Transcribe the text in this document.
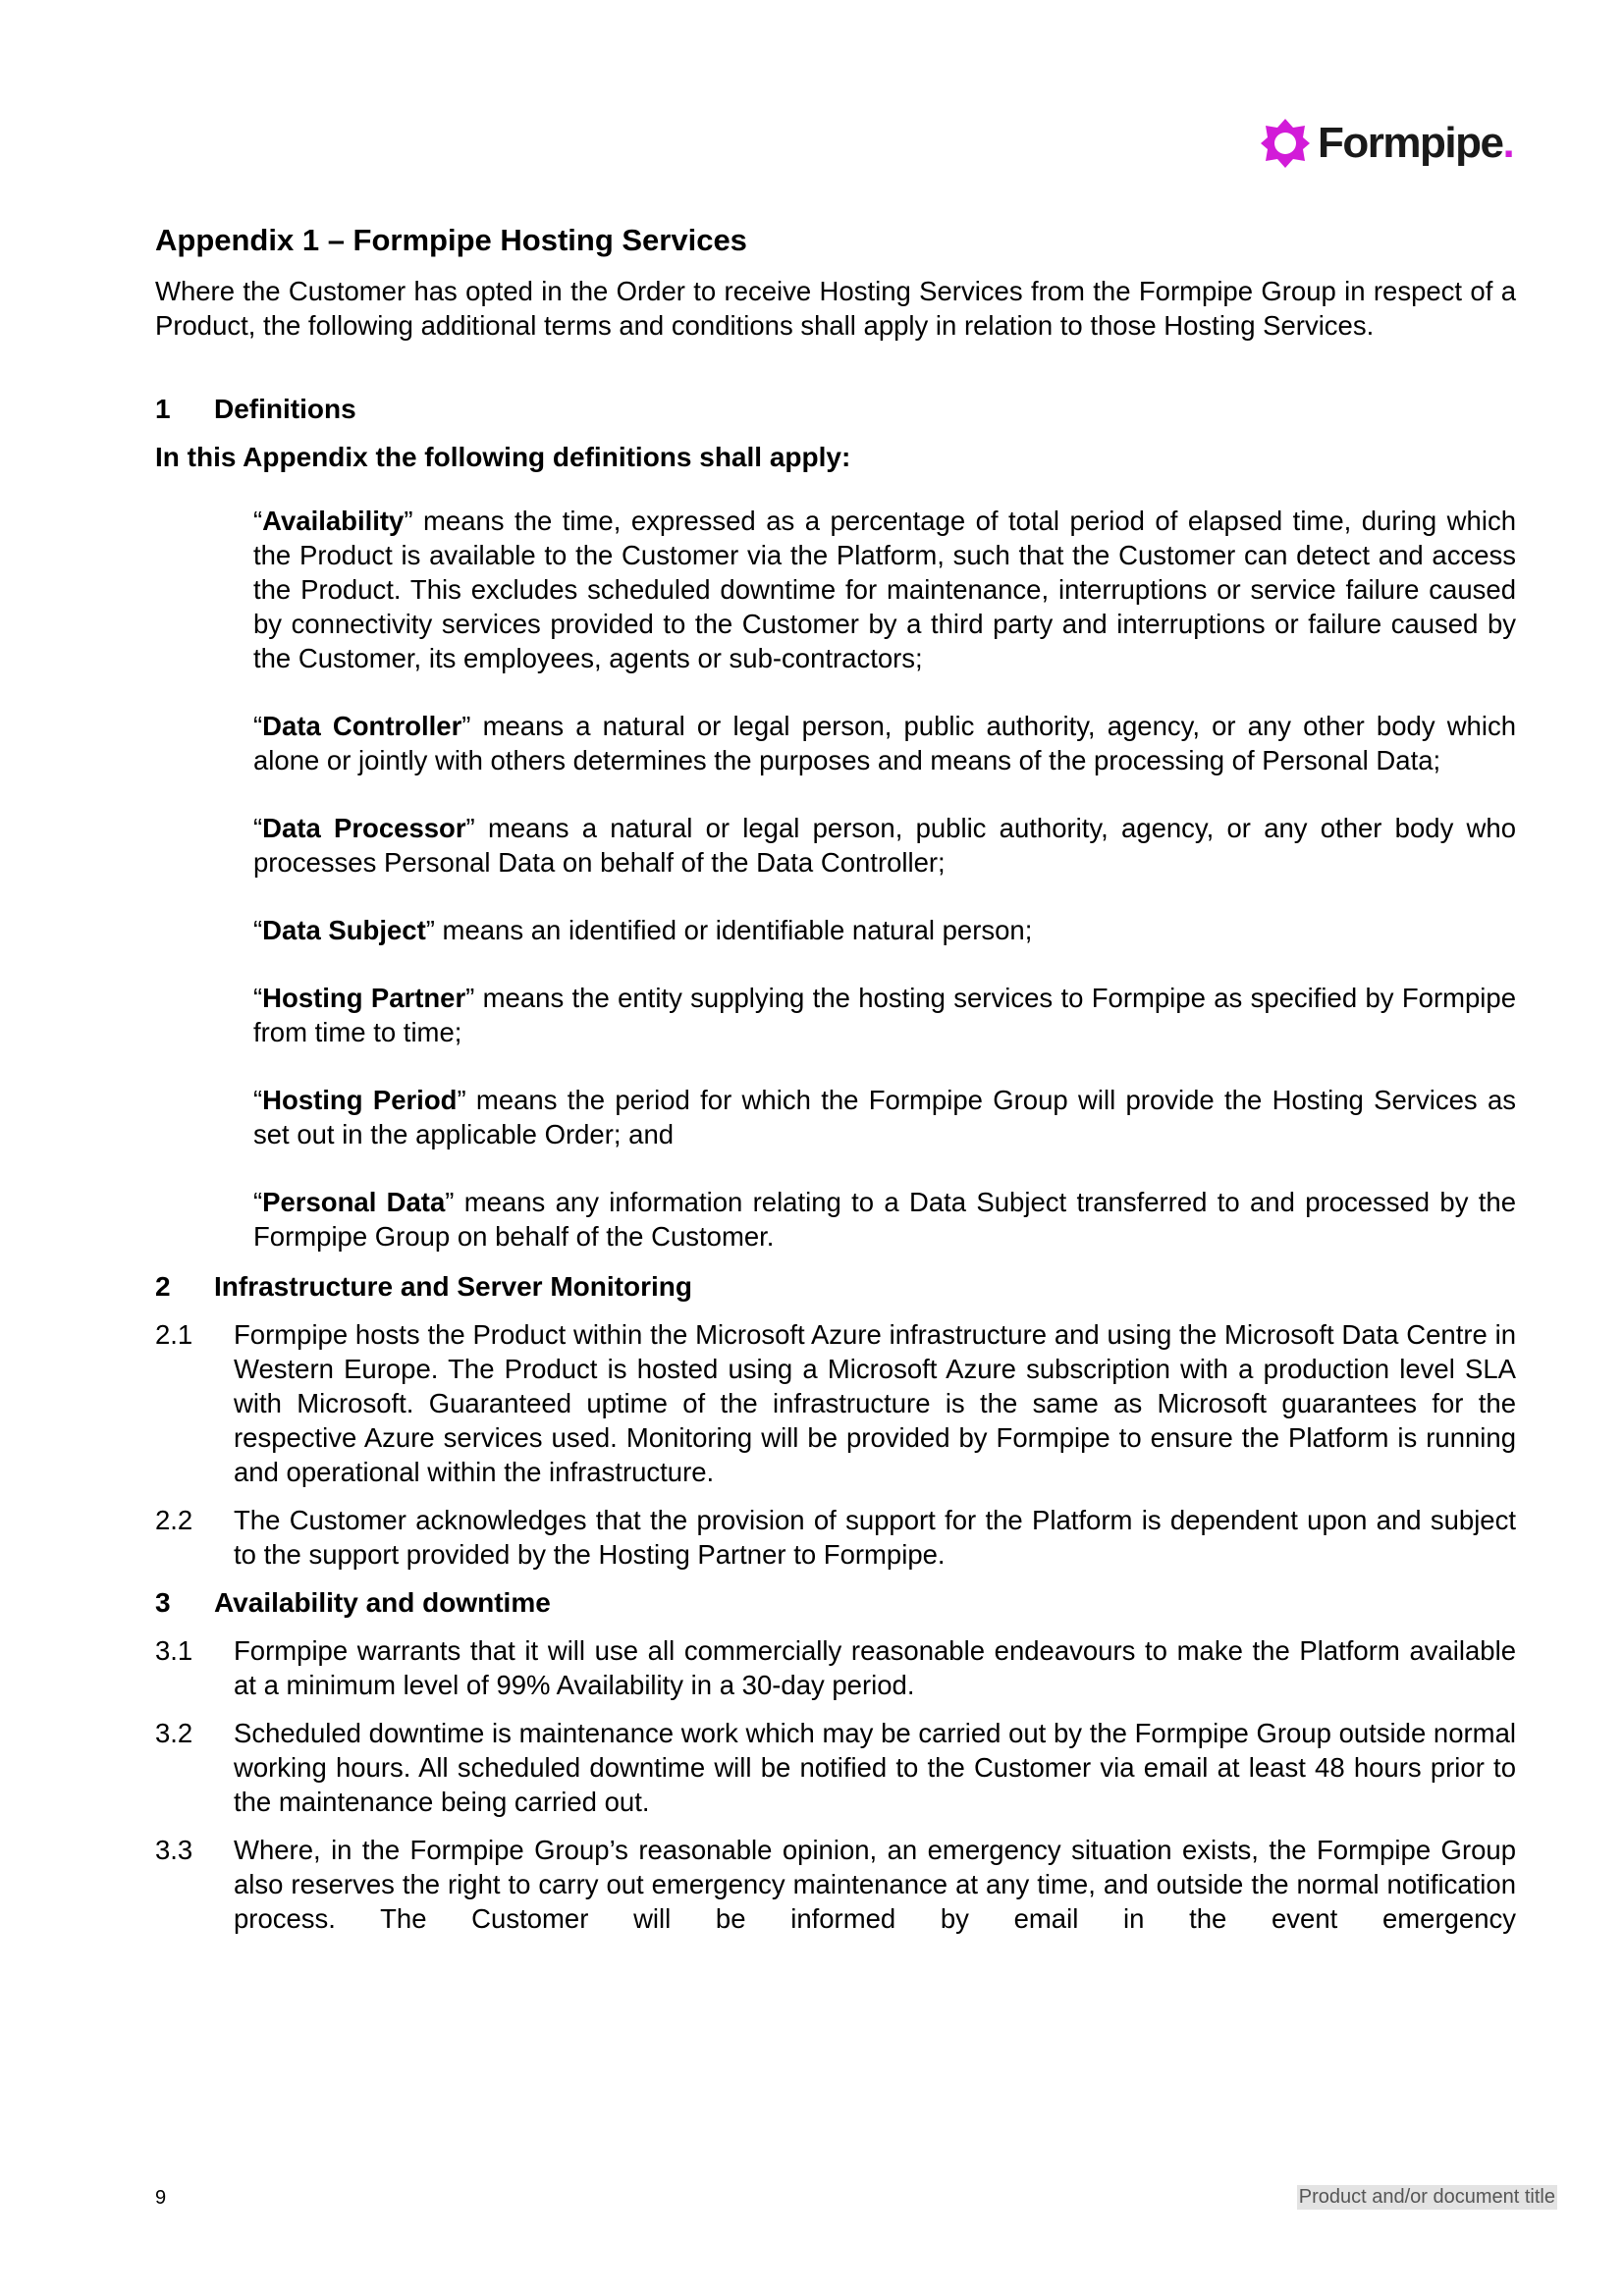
Formpipe.
Appendix 1 – Formpipe Hosting Services

Where the Customer has opted in the Order to receive Hosting Services from the Formpipe Group in respect of a Product, the following additional terms and conditions shall apply in relation to those Hosting Services.

1	Definitions

In this Appendix the following definitions shall apply:

“Availability” means the time, expressed as a percentage of total period of elapsed time, during which the Product is available to the Customer via the Platform, such that the Customer can detect and access the Product. This excludes scheduled downtime for maintenance, interruptions or service failure caused by connectivity services provided to the Customer by a third party and interruptions or failure caused by the Customer, its employees, agents or sub-contractors;

“Data Controller” means a natural or legal person, public authority, agency, or any other body which alone or jointly with others determines the purposes and means of the processing of Personal Data;

“Data Processor” means a natural or legal person, public authority, agency, or any other body who processes Personal Data on behalf of the Data Controller;

“Data Subject” means an identified or identifiable natural person;

“Hosting Partner” means the entity supplying the hosting services to Formpipe as specified by Formpipe from time to time;

“Hosting Period” means the period for which the Formpipe Group will provide the Hosting Services as set out in the applicable Order; and

“Personal Data” means any information relating to a Data Subject transferred to and processed by the Formpipe Group on behalf of the Customer.

2	Infrastructure and Server Monitoring
2.1	Formpipe hosts the Product within the Microsoft Azure infrastructure and using the Microsoft Data Centre in Western Europe. The Product is hosted using a Microsoft Azure subscription with a production level SLA with Microsoft. Guaranteed uptime of the infrastructure is the same as Microsoft guarantees for the respective Azure services used. Monitoring will be provided by Formpipe to ensure the Platform is running and operational within the infrastructure.
2.2	The Customer acknowledges that the provision of support for the Platform is dependent upon and subject to the support provided by the Hosting Partner to Formpipe.
3	Availability and downtime
3.1	Formpipe warrants that it will use all commercially reasonable endeavours to make the Platform available at a minimum level of 99% Availability in a 30-day period.
3.2	Scheduled downtime is maintenance work which may be carried out by the Formpipe Group outside normal working hours. All scheduled downtime will be notified to the Customer via email at least 48 hours prior to the maintenance being carried out.
3.3	Where, in the Formpipe Group’s reasonable opinion, an emergency situation exists, the Formpipe Group also reserves the right to carry out emergency maintenance at any time, and outside the normal notification process. The Customer will be informed by email in the event emergency
9	Product and/or document title
